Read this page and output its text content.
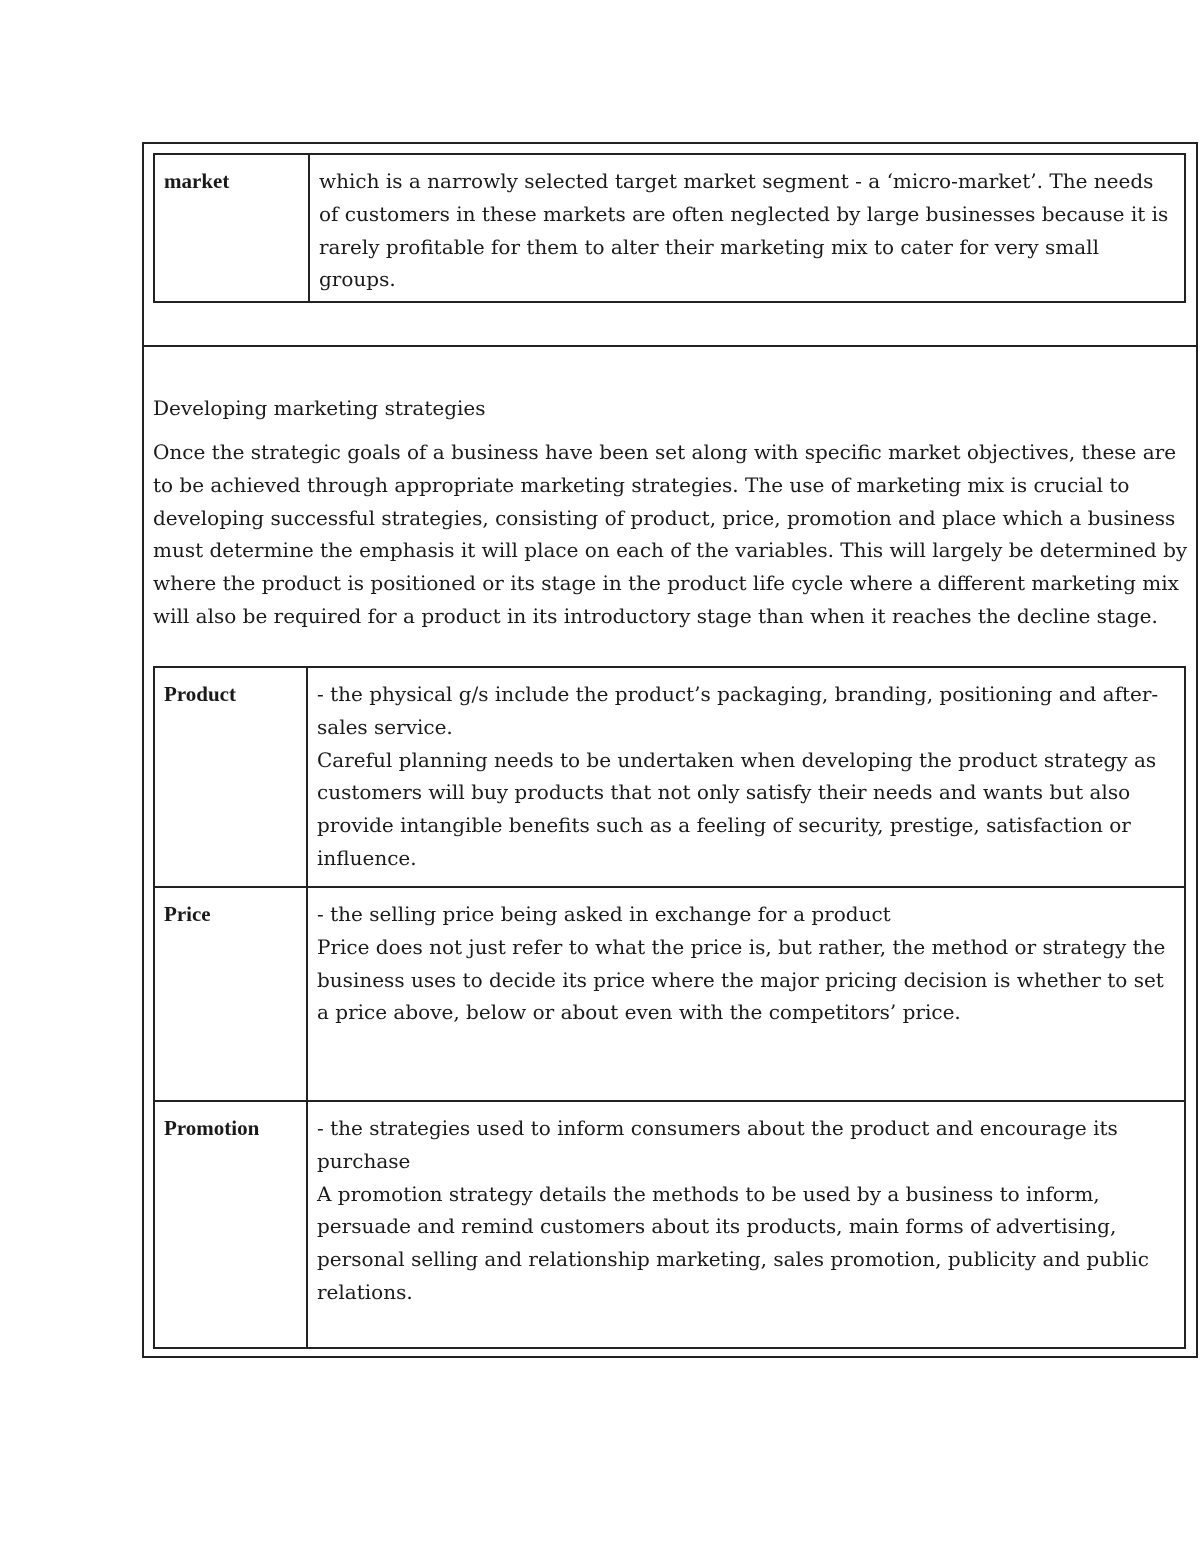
market	which is a narrowly selected target market segment - a ‘micro-market’. The needs of customers in these markets are often neglected by large businesses because it is rarely profitable for them to alter their marketing mix to cater for very small groups.

Developing marketing strategies

Once the strategic goals of a business have been set along with specific market objectives, these are to be achieved through appropriate marketing strategies. The use of marketing mix is crucial to developing successful strategies, consisting of product, price, promotion and place which a business must determine the emphasis it will place on each of the variables. This will largely be determined by where the product is positioned or its stage in the product life cycle where a different marketing mix will also be required for a product in its introductory stage than when it reaches the decline stage.

Product	- the physical g/s include the product’s packaging, branding, positioning and after-sales service.
Careful planning needs to be undertaken when developing the product strategy as customers will buy products that not only satisfy their needs and wants but also provide intangible benefits such as a feeling of security, prestige, satisfaction or influence.

Price	- the selling price being asked in exchange for a product
Price does not just refer to what the price is, but rather, the method or strategy the business uses to decide its price where the major pricing decision is whether to set a price above, below or about even with the competitors’ price.

Promotion	- the strategies used to inform consumers about the product and encourage its purchase
A promotion strategy details the methods to be used by a business to inform, persuade and remind customers about its products, main forms of advertising, personal selling and relationship marketing, sales promotion, publicity and public relations.
